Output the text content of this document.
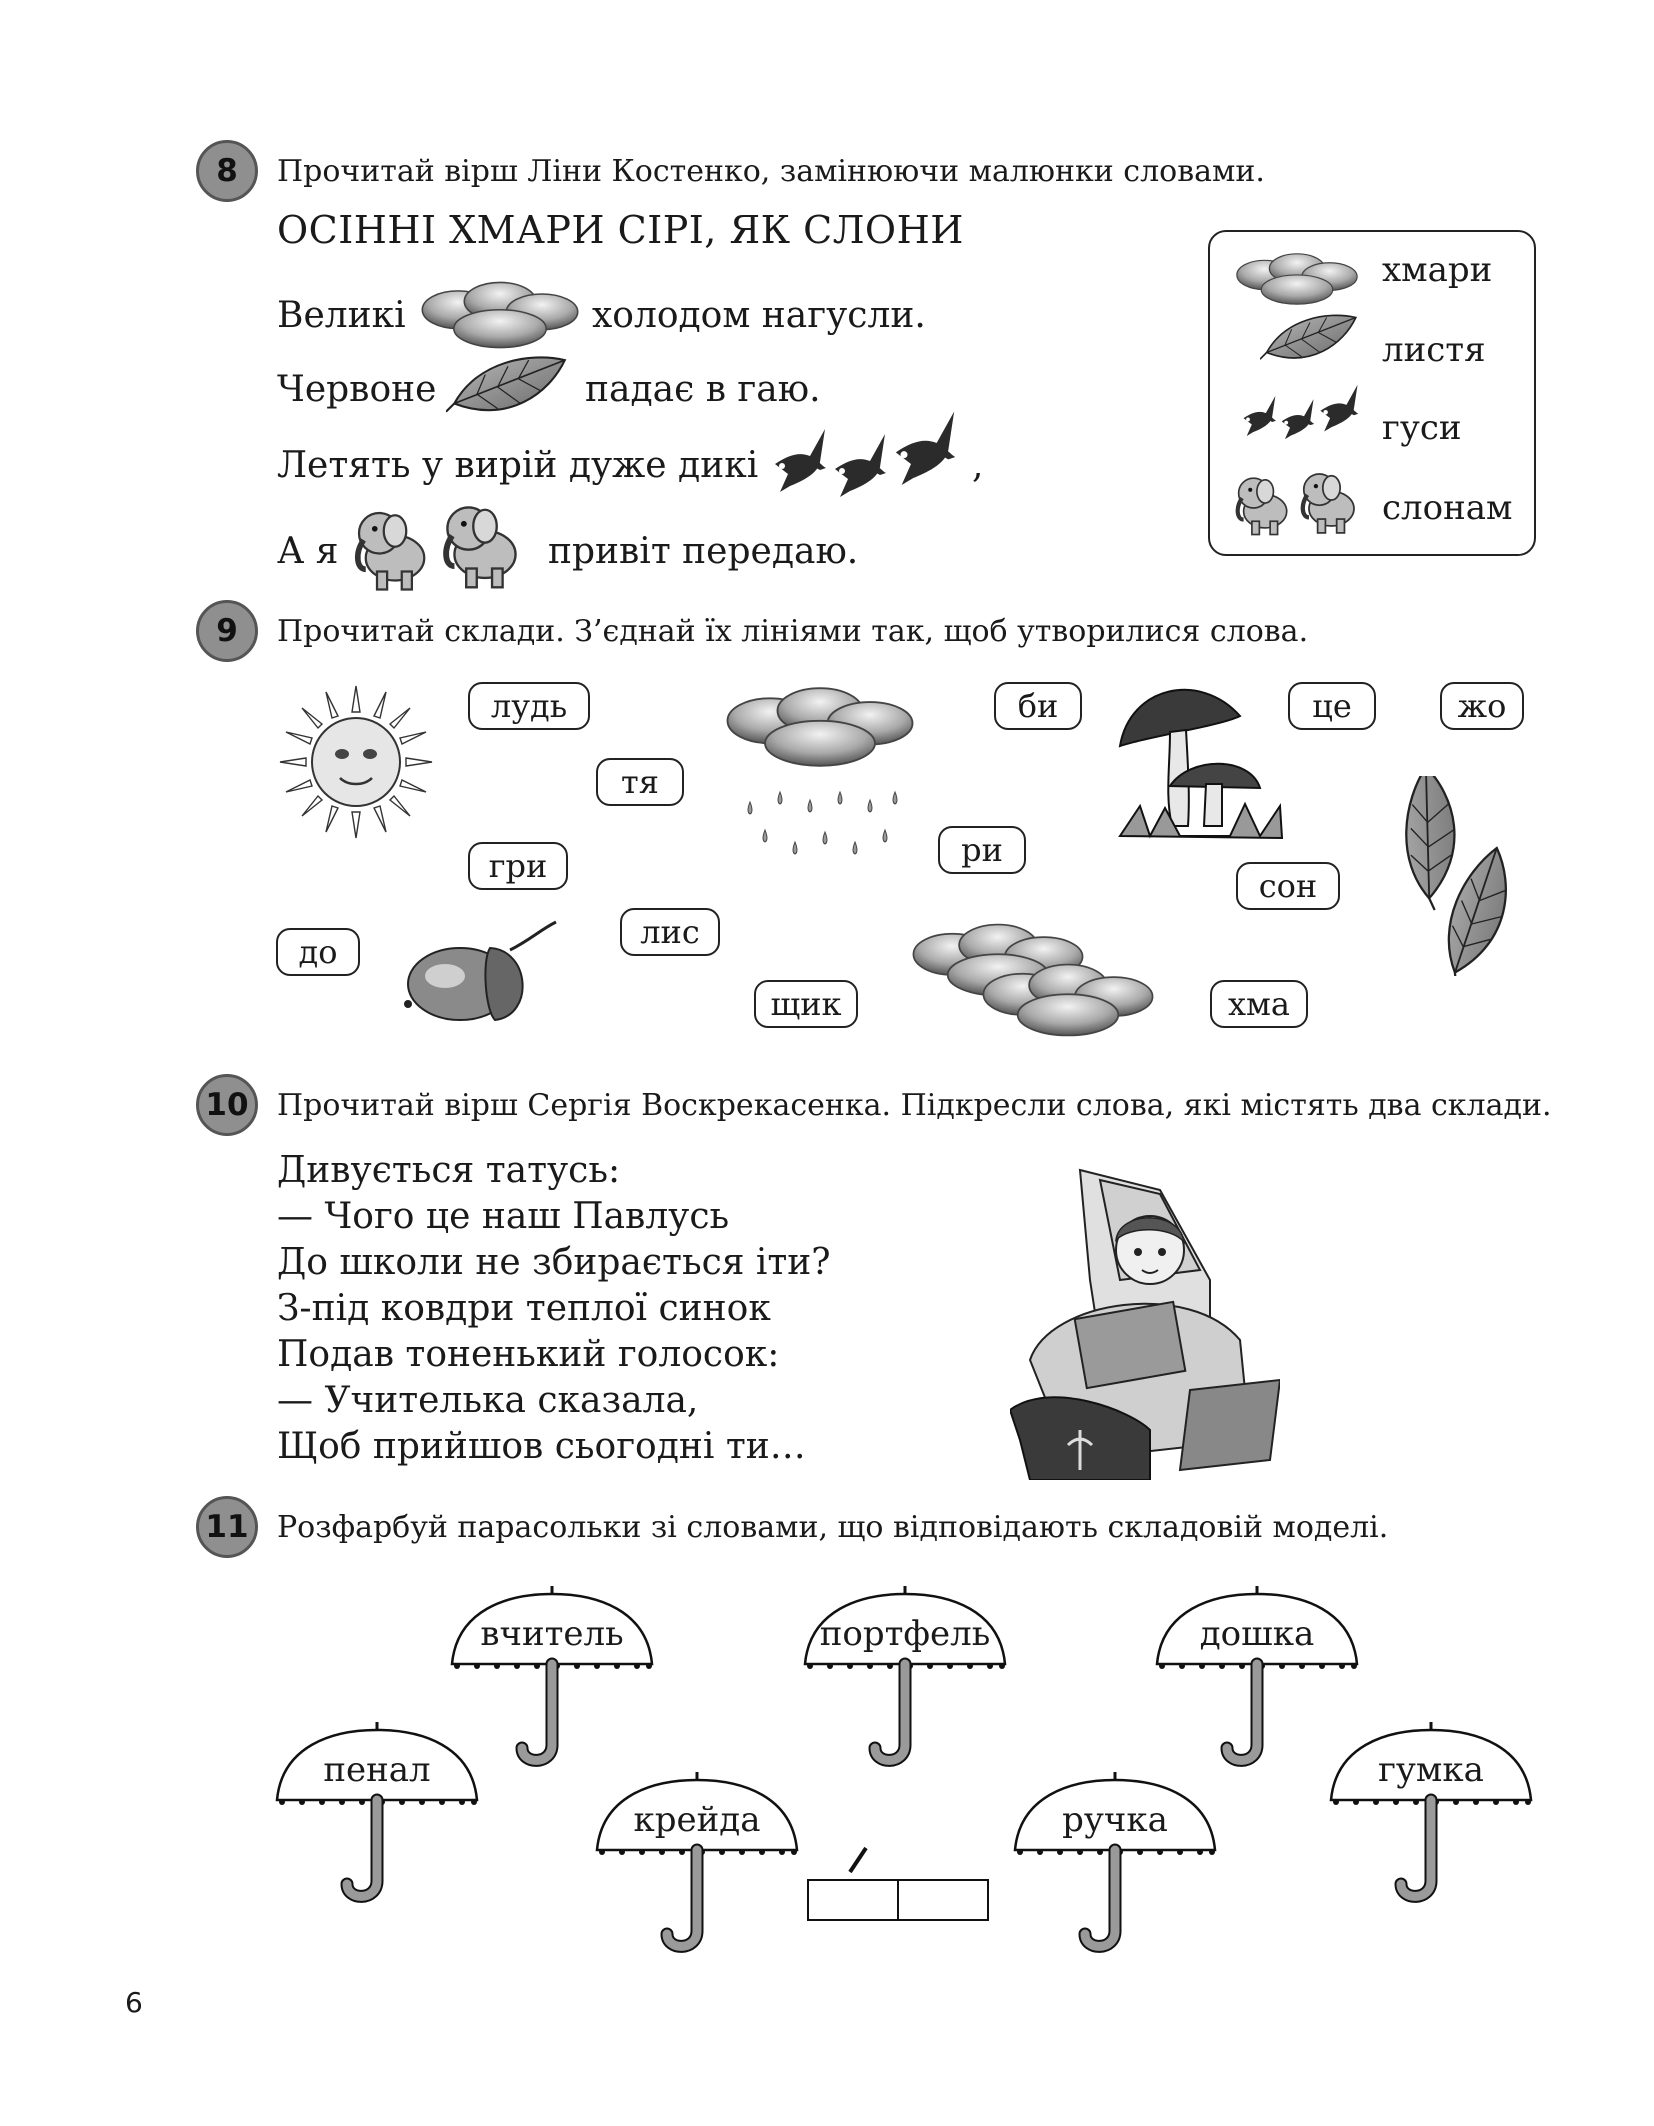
8 Прочитай вірш Ліни Костенко, замінюючи малюнки словами.
ОСІННІ ХМАРИ СІРІ, ЯК СЛОНИ
Великі	холодом нагусли.
Червоне	падає в гаю.
Летять у вирій дуже дикі	,
А я	привіт передаю.
хмари
листя
гуси
слонам
9 Прочитай склади. З’єднай їх лініями так, щоб утворилися слова.
лудь
тя
гри
до
лис
щик
ри
би	це	жо
сон
хма
10 Прочитай вірш Сергія Воскрекасенка. Підкресли слова, які містять два склади.
Дивується татусь:
— Чого це наш Павлусь
До школи не збирається іти?
З-під ковдри теплої синок
Подав тоненький голосок:
— Учителька сказала,
Щоб прийшов сьогодні ти…
11 Розфарбуй парасольки зі словами, що відповідають складовій моделі.
вчитель	портфель	дошка
пенал
крейда	ручка
гумка
6
